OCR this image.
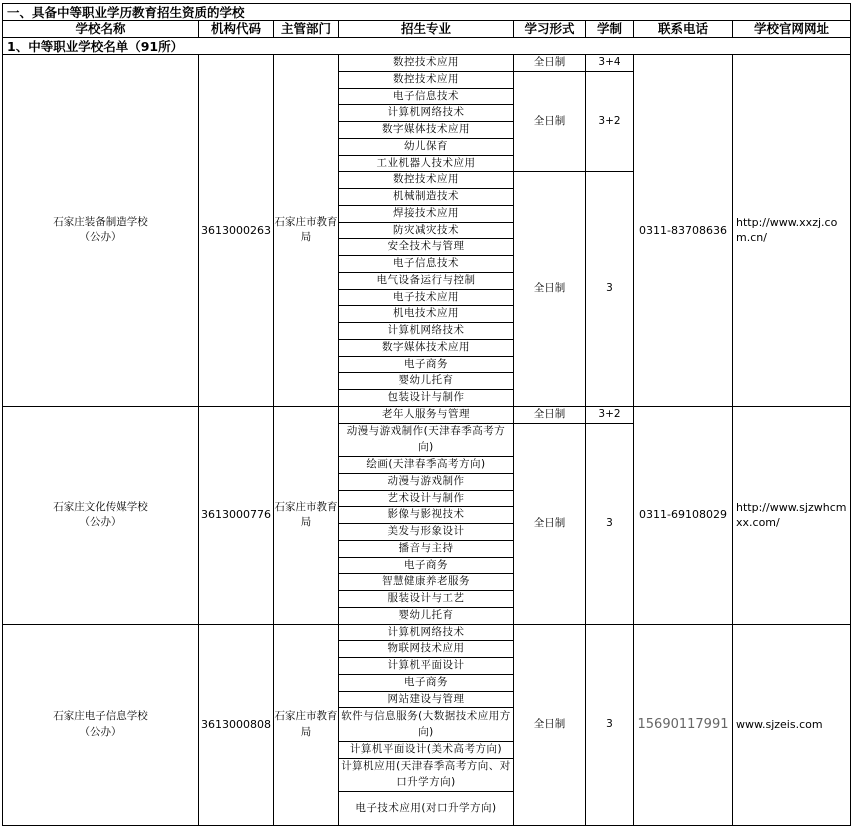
一、具备中等职业学历教育招生资质的学校							
学校名称	机构代码	主管部门	招生专业	学习形式	学制	联系电话	学校官网网址
1、中等职业学校名单（91所）							

石家庄装备制造学校
（公办）	3613000263	石家庄市教育局	数控技术应用	全日制	3+4	0311-83708636	http://www.xxzj.com.cn/
			数控技术应用	全日制	3+2		
			电子信息技术				
			计算机网络技术				
			数字媒体技术应用				
			幼儿保育				
			工业机器人技术应用				
			数控技术应用	全日制	3		
			机械制造技术				
			焊接技术应用				
			防灾减灾技术				
			安全技术与管理				
			电子信息技术				
			电气设备运行与控制				
			电子技术应用				
			机电技术应用				
			计算机网络技术				
			数字媒体技术应用				
			电子商务				
			婴幼儿托育				
			包装设计与制作				

石家庄文化传媒学校
（公办）	3613000776	石家庄市教育局	老年人服务与管理	全日制	3+2	0311-69108029	http://www.sjzwhcmxx.com/
			动漫与游戏制作(天津春季高考方向)	全日制	3		
			绘画(天津春季高考方向)				
			动漫与游戏制作				
			艺术设计与制作				
			影像与影视技术				
			美发与形象设计				
			播音与主持				
			电子商务				
			智慧健康养老服务				
			服装设计与工艺				
			婴幼儿托育				

石家庄电子信息学校
（公办）	3613000808	石家庄市教育局	计算机网络技术	全日制	3	15690117991	www.sjzeis.com
			物联网技术应用				
			计算机平面设计				
			电子商务				
			网站建设与管理				
			软件与信息服务(大数据技术应用方向)				
			计算机平面设计(美术高考方向)				
			计算机应用(天津春季高考方向、对口升学方向)				
			电子技术应用(对口升学方向)				
